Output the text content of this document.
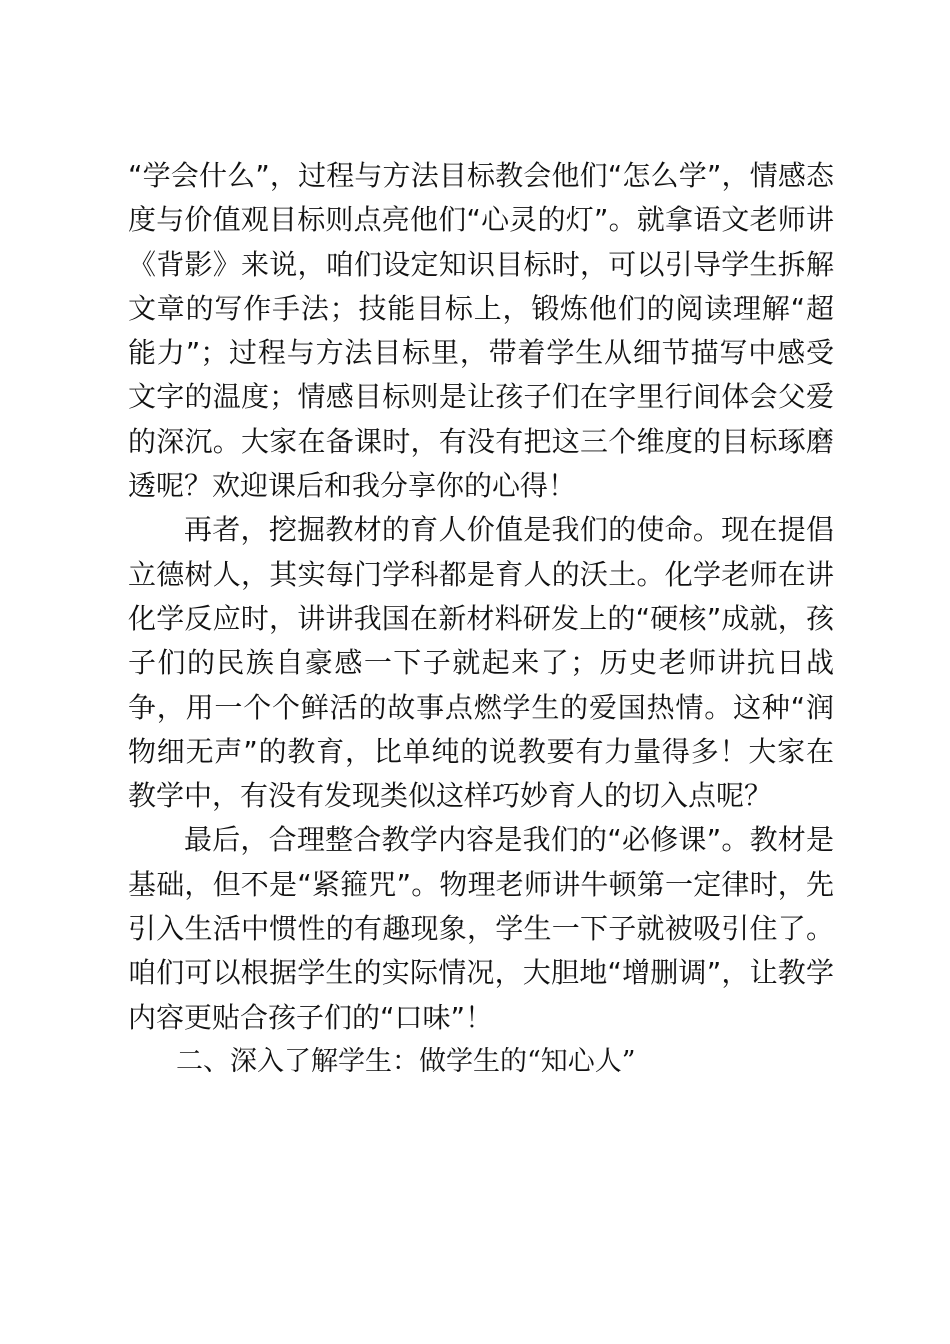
“学会什么”，过程与方法目标教会他们“怎么学”，情感态度与价值观目标则点亮他们“心灵的灯”。就拿语文老师讲《背影》来说，咱们设定知识目标时，可以引导学生拆解文章的写作手法；技能目标上，锻炼他们的阅读理解“超能力”；过程与方法目标里，带着学生从细节描写中感受文字的温度；情感目标则是让孩子们在字里行间体会父爱的深沉。大家在备课时，有没有把这三个维度的目标琢磨透呢？欢迎课后和我分享你的心得！

再者，挖掘教材的育人价值是我们的使命。现在提倡立德树人，其实每门学科都是育人的沃土。化学老师在讲化学反应时，讲讲我国在新材料研发上的“硬核”成就，孩子们的民族自豪感一下子就起来了；历史老师讲抗日战争，用一个个鲜活的故事点燃学生的爱国热情。这种“润物细无声”的教育，比单纯的说教要有力量得多！大家在教学中，有没有发现类似这样巧妙育人的切入点呢？

最后，合理整合教学内容是我们的“必修课”。教材是基础，但不是“紧箍咒”。物理老师讲牛顿第一定律时，先引入生活中惯性的有趣现象，学生一下子就被吸引住了。咱们可以根据学生的实际情况，大胆地“增删调”，让教学内容更贴合孩子们的“口味”！

二、深入了解学生：做学生的“知心人”
